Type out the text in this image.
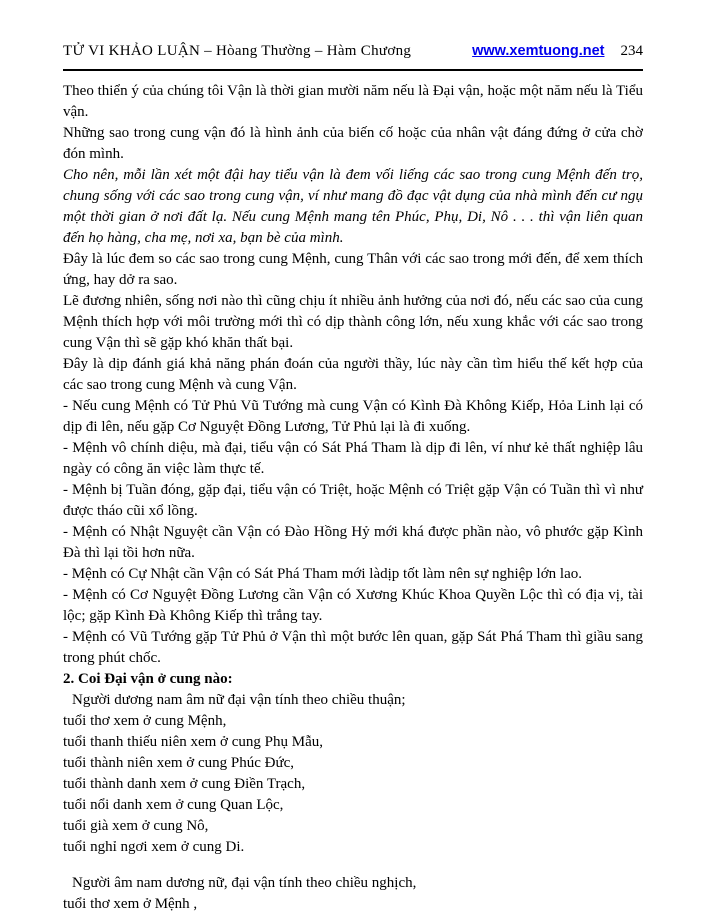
TỬ VI KHẢO LUẬN – Hòang Thường – Hàm Chương	www.xemtuong.net 234

Theo thiển ý của chúng tôi Vận là thời gian mười năm nếu là Đại vận, hoặc một năm nếu là Tiểu vận.

Những sao trong cung vận đó là hình ảnh của biến cố hoặc của nhân vật đáng đứng ở cửa chờ đón mình.

Cho nên, mỗi lần xét một đậi hay tiểu vận là đem vối liếng các sao trong cung Mệnh đến trọ, chung sống với các sao trong cung vận, ví như mang đồ đạc vật dụng của nhà mình đến cư ngụ một thời gian ở nơi đất lạ. Nếu cung Mệnh mang tên Phúc, Phụ, Di, Nô . . . thì vận liên quan đến họ hàng, cha mẹ, nơi xa, bạn bè của mình.

Đây là lúc đem so các sao trong cung Mệnh, cung Thân với các sao trong mới đến, để xem thích ứng, hay dở ra sao.

Lẽ đương nhiên, sống nơi nào thì cũng chịu ít nhiều ảnh hưởng của nơi đó, nếu các sao của cung Mệnh thích hợp với môi trường mới thì có dịp thành công lớn, nếu xung khắc với các sao trong cung Vận thì sẽ gặp khó khăn thất bại.

Đây là dịp đánh giá khả năng phán đoán của người thầy, lúc này cần tìm hiểu thế kết hợp của các sao trong cung Mệnh và cung Vận.

- Nếu cung Mệnh có Tử Phủ Vũ Tướng mà cung Vận có Kình Đà Không Kiếp, Hỏa Linh lại có dịp đi lên, nếu gặp Cơ Nguyệt Đồng Lương, Tử Phủ lại là đi xuống.

- Mệnh vô chính diệu, mà đại, tiểu vận có Sát Phá Tham là dịp đi lên, ví như kẻ thất nghiệp lâu ngày có công ăn việc làm thực tế.

- Mệnh bị Tuần đóng, gặp đại, tiểu vận có Triệt, hoặc Mệnh có Triệt gặp Vận có Tuần thì vì như được tháo cũi xổ lồng.

- Mệnh có Nhật Nguyệt cần Vận có Đào Hồng Hỷ mới khá được phần nào, vô phước gặp Kình Đà thì lại tồi hơn nữa.

- Mệnh có Cự Nhật cần Vận có Sát Phá Tham mới làdịp tốt làm nên sự nghiệp lớn lao.

- Mệnh có Cơ Nguyệt Đồng Lương cần Vận có Xương Khúc Khoa Quyền Lộc thì có địa vị, tài lộc; gặp Kình Đà Không Kiếp thì trắng tay.

- Mệnh có Vũ Tướng gặp Tử Phủ ở Vận thì một bước lên quan, gặp Sát Phá Tham thì giầu sang trong phút chốc.

2. Coi Đại vận ở cung nào:

Người dương nam âm nữ đại vận tính theo chiều thuận;

tuổi thơ xem ở cung Mệnh,
tuổi thanh thiếu niên xem ở cung Phụ Mẫu,
tuổi thành niên xem ở cung Phúc Đức,
tuổi thành danh xem ở cung Điền Trạch,
tuổi nổi danh xem ở cung Quan Lộc,
tuổi già xem ở cung Nô,
tuổi nghỉ ngơi xem ở cung Di.

Người âm nam dương nữ, đại vận tính theo chiều nghịch,

tuổi thơ xem ở Mệnh ,
